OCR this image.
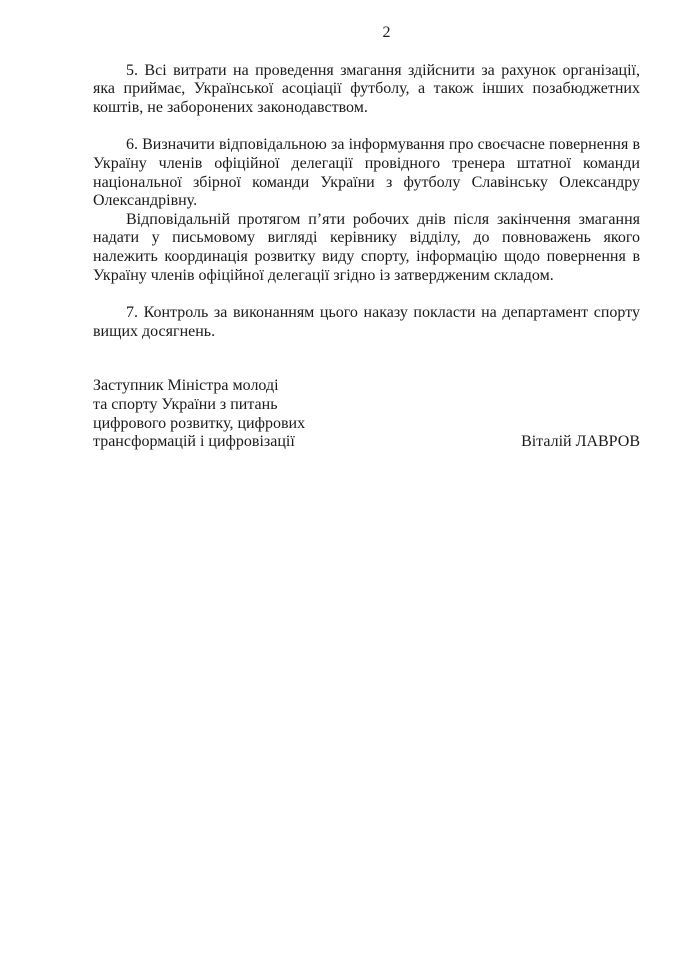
2

5. Всі витрати на проведення змагання здійснити за рахунок організації, яка приймає, Української асоціації футболу, а також інших позабюджетних коштів, не заборонених законодавством.

6. Визначити відповідальною за інформування про своєчасне повернення в Україну членів офіційної делегації провідного тренера штатної команди національної збірної команди України з футболу Славінську Олександру Олександрівну.

Відповідальній протягом п’яти робочих днів після закінчення змагання надати у письмовому вигляді керівнику відділу, до повноважень якого належить координація розвитку виду спорту, інформацію щодо повернення в Україну членів офіційної делегації згідно із затвердженим складом.

7. Контроль за виконанням цього наказу покласти на департамент спорту вищих досягнень.

Заступник Міністра молоді
та спорту України з питань
цифрового розвитку, цифрових
трансформацій і цифровізації	Віталій ЛАВРОВ
